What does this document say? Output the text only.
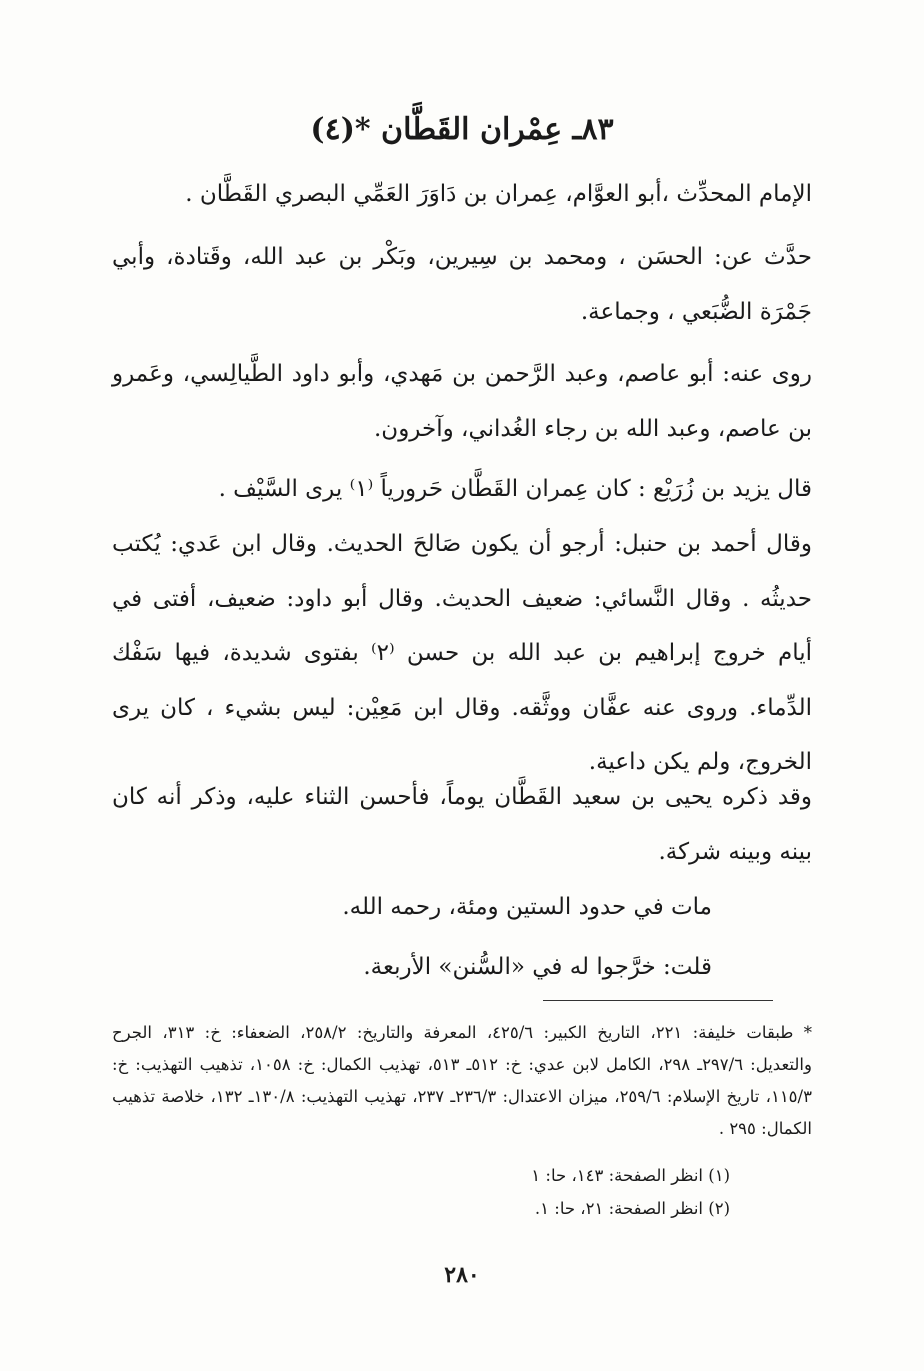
٨٣ـ عِمْران القَطَّان *(٤)
الإمام المحدِّث ،أبو العوَّام، عِمران بن دَاوَرَ العَمِّي البصري القَطَّان .
حدَّث عن: الحسَن ، ومحمد بن سِيرين، وبَكْر بن عبد الله، وقَتادة، وأبي جَمْرَة الضُّبَعي ، وجماعة.
روى عنه: أبو عاصم، وعبد الرَّحمن بن مَهدي، وأبو داود الطَّيالِسي، وعَمرو بن عاصم، وعبد الله بن رجاء الغُداني، وآخرون.
قال يزيد بن زُرَيْع : كان عِمران القَطَّان حَرورياً ⁽١⁾ يرى السَّيْف .
وقال أحمد بن حنبل: أرجو أن يكون صَالحَ الحديث. وقال ابن عَدي: يُكتب حديثُه . وقال النَّسائي: ضعيف الحديث. وقال أبو داود: ضعيف، أفتى في أيام خروج إبراهيم بن عبد الله بن حسن ⁽٢⁾ بفتوى شديدة، فيها سَفْك الدِّماء. وروى عنه عفَّان ووثَّقه. وقال ابن مَعِيْن: ليس بشيء ، كان يرى الخروج، ولم يكن داعية.
وقد ذكره يحيى بن سعيد القَطَّان يوماً، فأحسن الثناء عليه، وذكر أنه كان بينه وبينه شركة.
مات في حدود الستين ومئة، رحمه الله.
قلت: خرَّجوا له في «السُّنن» الأربعة.
* طبقات خليفة: ٢٢١، التاريخ الكبير: ٤٢٥/٦، المعرفة والتاريخ: ٢٥٨/٢، الضعفاء: خ: ٣١٣، الجرح والتعديل: ٢٩٧/٦ـ ٢٩٨، الكامل لابن عدي: خ: ٥١٢ـ ٥١٣، تهذيب الكمال: خ: ١٠٥٨، تذهيب التهذيب: خ: ١١٥/٣، تاريخ الإسلام: ٢٥٩/٦، ميزان الاعتدال: ٢٣٦/٣ـ ٢٣٧، تهذيب التهذيب: ١٣٠/٨ـ ١٣٢، خلاصة تذهيب الكمال: ٢٩٥ .
(١) انظر الصفحة: ١٤٣، حا: ١
(٢) انظر الصفحة: ٢١، حا: ١.
٢٨٠
